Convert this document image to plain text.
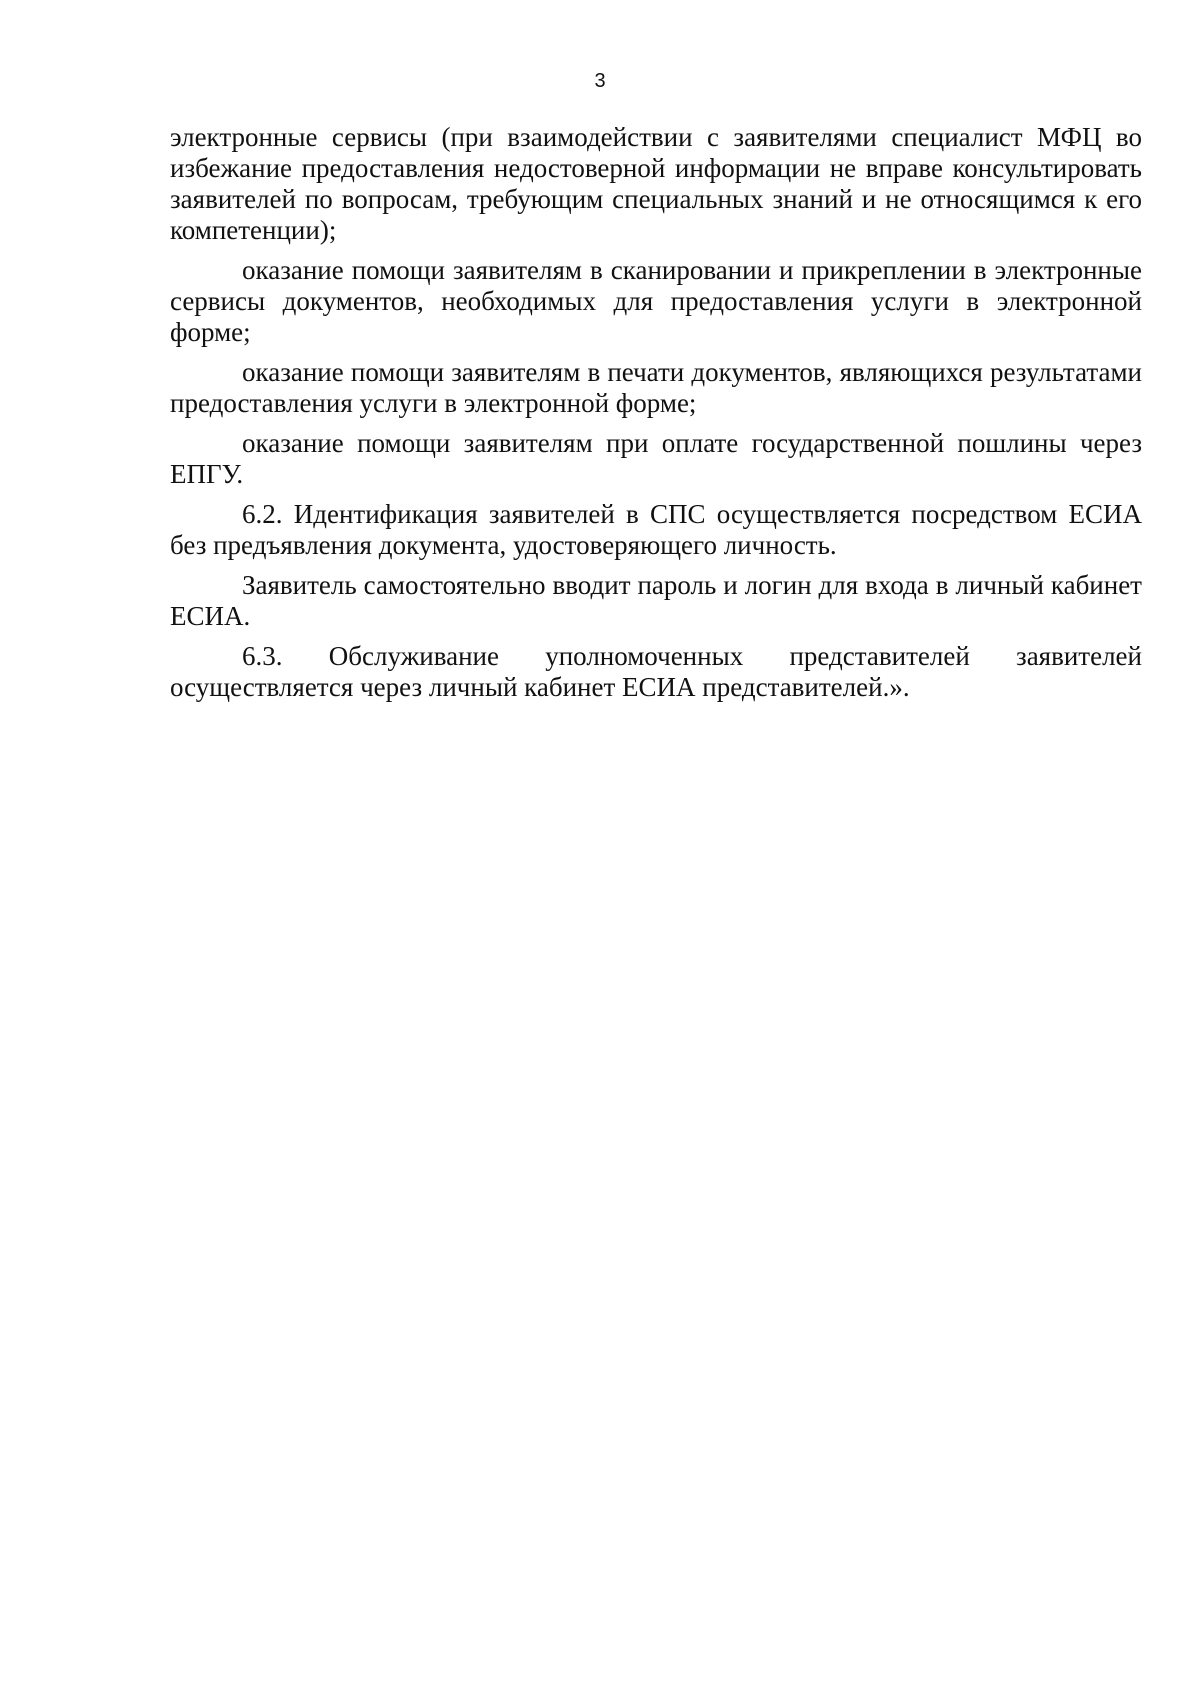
3

электронные сервисы (при взаимодействии с заявителями специалист МФЦ во избежание предоставления недостоверной информации не вправе консультировать заявителей по вопросам, требующим специальных знаний и не относящимся к его компетенции);

оказание помощи заявителям в сканировании и прикреплении в электронные сервисы документов, необходимых для предоставления услуги в электронной форме;

оказание помощи заявителям в печати документов, являющихся результатами предоставления услуги в электронной форме;

оказание помощи заявителям при оплате государственной пошлины через ЕПГУ.

6.2. Идентификация заявителей в СПС осуществляется посредством ЕСИА без предъявления документа, удостоверяющего личность.

Заявитель самостоятельно вводит пароль и логин для входа в личный кабинет ЕСИА.

6.3. Обслуживание уполномоченных представителей заявителей осуществляется через личный кабинет ЕСИА представителей.».
